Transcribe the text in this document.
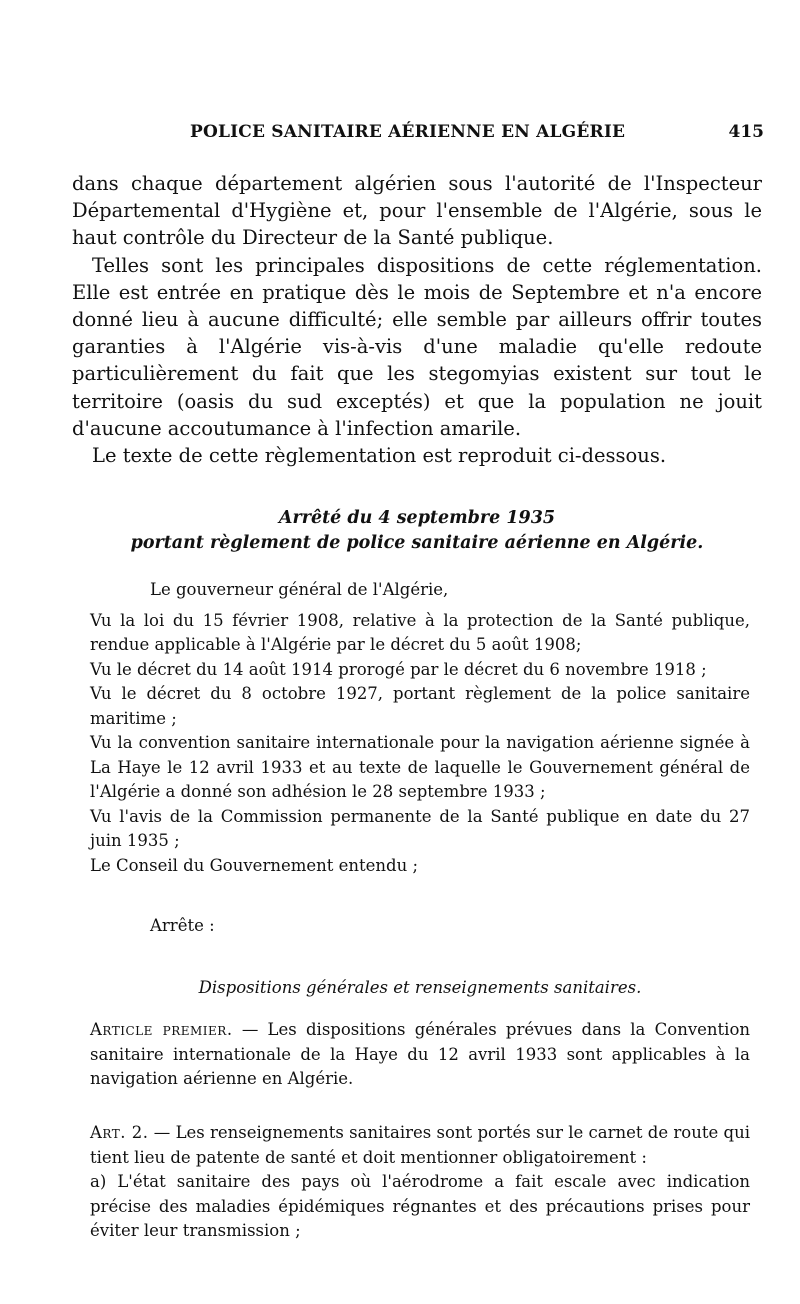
POLICE SANITAIRE AÉRIENNE EN ALGÉRIE	415

dans chaque département algérien sous l'autorité de l'Inspecteur Départemental d'Hygiène et, pour l'ensemble de l'Algérie, sous le haut contrôle du Directeur de la Santé publique.

Telles sont les principales dispositions de cette réglementation. Elle est entrée en pratique dès le mois de Septembre et n'a encore donné lieu à aucune difficulté; elle semble par ailleurs offrir toutes garanties à l'Algérie vis-à-vis d'une maladie qu'elle redoute particulièrement du fait que les stegomyias existent sur tout le territoire (oasis du sud exceptés) et que la population ne jouit d'aucune accoutumance à l'infection amarile.

Le texte de cette règlementation est reproduit ci-dessous.

Arrêté du 4 septembre 1935
portant règlement de police sanitaire aérienne en Algérie.

Le gouverneur général de l'Algérie,

Vu la loi du 15 février 1908, relative à la protection de la Santé publique, rendue applicable à l'Algérie par le décret du 5 août 1908;

Vu le décret du 14 août 1914 prorogé par le décret du 6 novembre 1918 ;

Vu le décret du 8 octobre 1927, portant règlement de la police sanitaire maritime ;

Vu la convention sanitaire internationale pour la navigation aérienne signée à La Haye le 12 avril 1933 et au texte de laquelle le Gouvernement général de l'Algérie a donné son adhésion le 28 septembre 1933 ;

Vu l'avis de la Commission permanente de la Santé publique en date du 27 juin 1935 ;

Le Conseil du Gouvernement entendu ;

Arrête :
Dispositions générales et renseignements sanitaires.

Article premier. — Les dispositions générales prévues dans la Convention sanitaire internationale de la Haye du 12 avril 1933 sont applicables à la navigation aérienne en Algérie.

Art. 2. — Les renseignements sanitaires sont portés sur le carnet de route qui tient lieu de patente de santé et doit mentionner obligatoirement :

a) L'état sanitaire des pays où l'aérodrome a fait escale avec indication précise des maladies épidémiques régnantes et des précautions prises pour éviter leur transmission ;
